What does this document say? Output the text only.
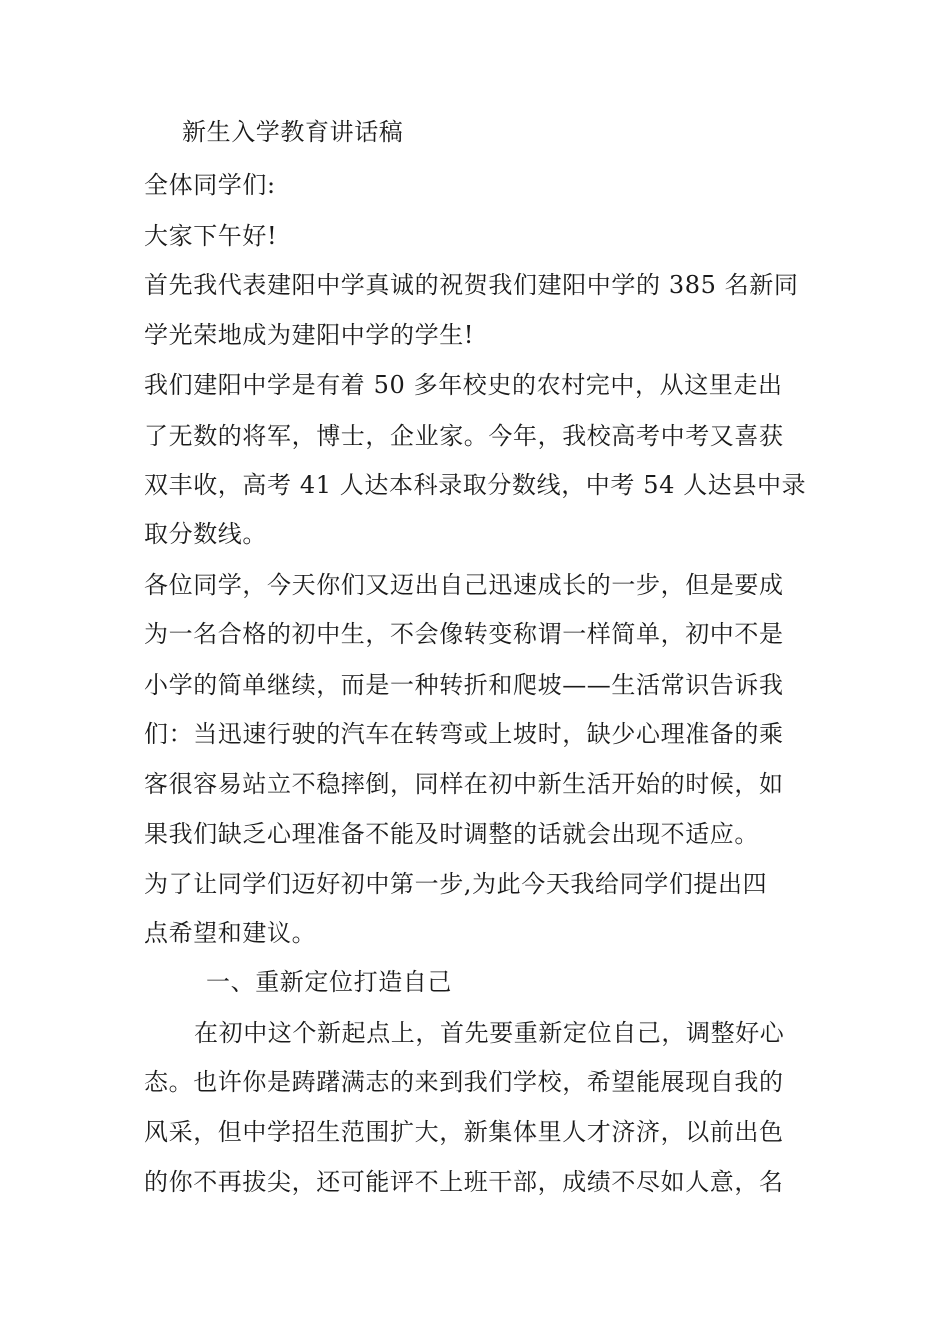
新生入学教育讲话稿
全体同学们:
大家下午好!
首先我代表建阳中学真诚的祝贺我们建阳中学的 385 名新同
学光荣地成为建阳中学的学生!
我们建阳中学是有着 50 多年校史的农村完中，从这里走出
了无数的将军，博士，企业家。今年，我校高考中考又喜获
双丰收，高考 41 人达本科录取分数线，中考 54 人达县中录
取分数线。
各位同学，今天你们又迈出自己迅速成长的一步，但是要成
为一名合格的初中生，不会像转变称谓一样简单，初中不是
小学的简单继续，而是一种转折和爬坡——生活常识告诉我
们：当迅速行驶的汽车在转弯或上坡时，缺少心理准备的乘
客很容易站立不稳摔倒，同样在初中新生活开始的时候，如
果我们缺乏心理准备不能及时调整的话就会出现不适应。
为了让同学们迈好初中第一步,为此今天我给同学们提出四
点希望和建议。
一、重新定位打造自己
在初中这个新起点上，首先要重新定位自己，调整好心
态。也许你是踌躇满志的来到我们学校，希望能展现自我的
风采，但中学招生范围扩大，新集体里人才济济，以前出色
的你不再拔尖，还可能评不上班干部，成绩不尽如人意，名
